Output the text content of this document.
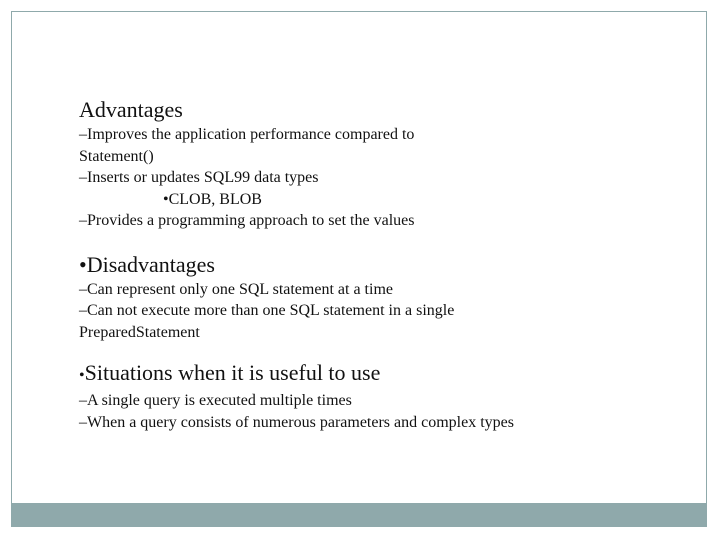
Advantages
–Improves the application performance compared to
Statement()
–Inserts or updates SQL99 data types
•CLOB, BLOB
–Provides a programming approach to set the values
•Disadvantages
–Can represent only one SQL statement at a time
–Can not execute more than one SQL statement in a single
PreparedStatement
•Situations when it is useful to use
–A single query is executed multiple times
–When a query consists of numerous parameters and complex types
